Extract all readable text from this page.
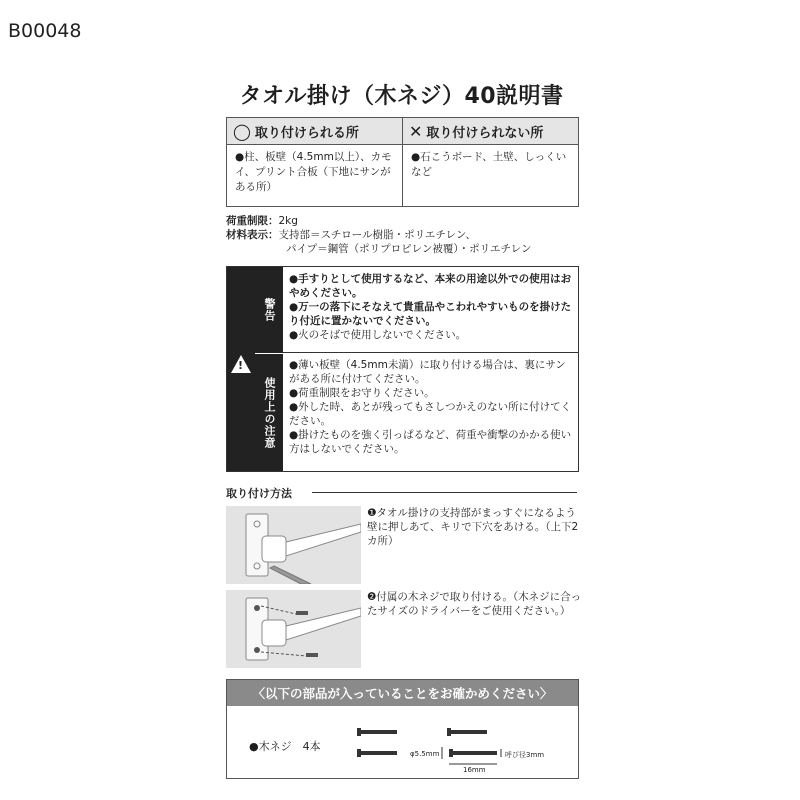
B00048
タオル掛け（木ネジ）40説明書
◯ 取り付けられる所
●柱、板壁（4.5mm以上）、カモイ、プリント合板（下地にサンがある所）
✕ 取り付けられない所
●石こうボード、土壁、しっくいなど
荷重制限： 2kg
材料表示： 支持部＝スチロール樹脂・ポリエチレン、
パイプ＝鋼管（ポリプロピレン被覆）・ポリエチレン
!
警告
使用上の注意

●手すりとして使用するなど、本来の用途以外での使用はおやめください。

●万一の落下にそなえて貴重品やこわれやすいものを掛けたり付近に置かないでください。

●火のそばで使用しないでください。

●薄い板壁（4.5mm未満）に取り付ける場合は、裏にサンがある所に付けてください。

●荷重制限をお守りください。

●外した時、あとが残ってもさしつかえのない所に付けてください。

●掛けたものを強く引っぱるなど、荷重や衝撃のかかる使い方はしないでください。

取り付け方法
❶タオル掛けの支持部がまっすぐになるよう壁に押しあて、キリで下穴をあける。（上下2カ所）
❷付属の木ネジで取り付ける。（木ネジに合ったサイズのドライバーをご使用ください。）
〈以下の部品が入っていることをお確かめください〉
●木ネジ　4本
φ5.5mm	呼び径3mm
16mm
